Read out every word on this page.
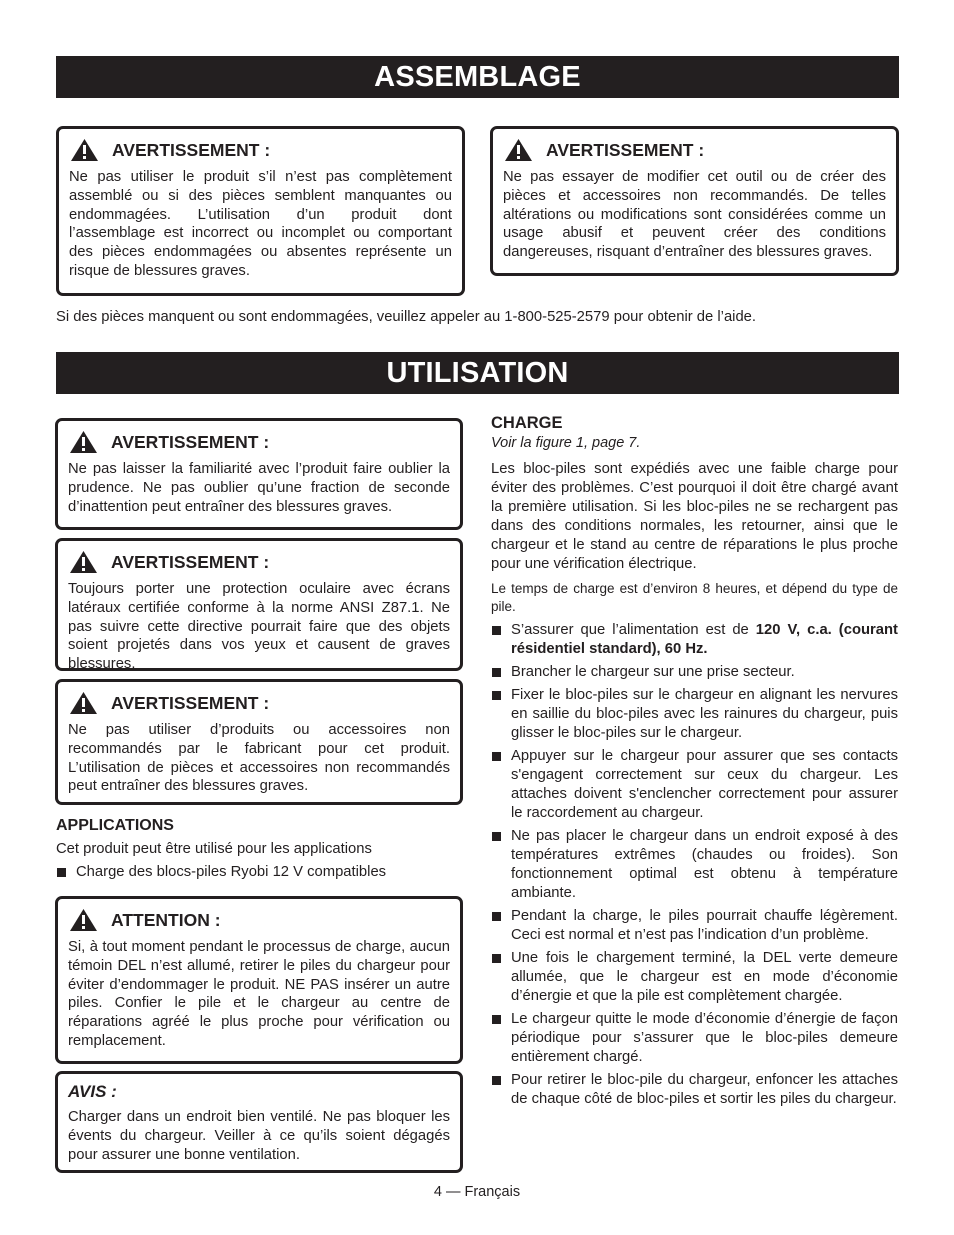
ASSEMBLAGE
AVERTISSEMENT :

Ne pas utiliser le produit s’il n’est pas complètement assemblé ou si des pièces semblent manquantes ou endommagées. L’utilisation d’un produit dont l’assemblage est incorrect ou incomplet ou comportant des pièces endommagées ou absentes représente un risque de blessures graves.

AVERTISSEMENT :

Ne pas essayer de modifier cet outil ou de créer des pièces et accessoires non recommandés. De telles altérations ou modifications sont considérées comme un usage abusif et peuvent créer des conditions dangereuses, risquant d’entraîner des blessures graves.

Si des pièces manquent ou sont endommagées, veuillez appeler au 1-800-525-2579 pour obtenir de l’aide.
UTILISATION
AVERTISSEMENT :

Ne pas laisser la familiarité avec l’produit faire oublier la prudence. Ne pas oublier qu’une fraction de seconde d’inattention peut entraîner des blessures graves.

AVERTISSEMENT :

Toujours porter une protection oculaire avec écrans latéraux certifiée conforme à la norme ANSI Z87.1. Ne pas suivre cette directive pourrait faire que des objets soient projetés dans vos yeux et causent de graves blessures.

AVERTISSEMENT :

Ne pas utiliser d’produits ou accessoires non recommandés par le fabricant pour cet produit. L’utilisation de pièces et accessoires non recommandés peut entraîner des blessures graves.

APPLICATIONS
Cet produit peut être utilisé pour les applications
Charge des blocs-piles Ryobi 12 V compatibles
ATTENTION :

Si, à tout moment pendant le processus de charge, aucun témoin DEL n’est allumé, retirer le piles du chargeur pour éviter d’endommager le produit. NE PAS insérer un autre piles. Confier le pile et le chargeur au centre de réparations agréé le plus proche pour vérification ou remplacement.

AVIS :

Charger dans un endroit bien ventilé. Ne pas bloquer les évents du chargeur. Veiller à ce qu’ils soient dégagés pour assurer une bonne ventilation.

CHARGE
Voir la figure 1, page 7.

Les bloc-piles sont expédiés avec une faible charge pour éviter des problèmes. C’est pourquoi il doit être chargé avant la première utilisation. Si les bloc-piles ne se rechargent pas dans des conditions normales, les retourner, ainsi que le chargeur et le stand au centre de réparations le plus proche pour une vérification électrique.

Le temps de charge est d’environ 8 heures, et dépend du type de pile.

S’assurer que l’alimentation est de 120 V, c.a. (courant résidentiel standard), 60 Hz.
Brancher le chargeur sur une prise secteur.
Fixer le bloc-piles sur le chargeur en alignant les nervures en saillie du bloc-piles avec les rainures du chargeur, puis glisser le bloc-piles sur le chargeur.
Appuyer sur le chargeur pour assurer que ses contacts s'engagent correctement sur ceux du chargeur. Les attaches doivent s'enclencher correctement pour assurer le raccordement au chargeur.
Ne pas placer le chargeur dans un endroit exposé à des températures extrêmes (chaudes ou froides). Son fonctionnement optimal est obtenu à température ambiante.
Pendant la charge, le piles pourrait chauffe légèrement. Ceci est normal et n’est pas l’indication d’un problème.
Une fois le chargement terminé, la DEL verte demeure allumée, que le chargeur est en mode d’économie d’énergie et que la pile est complètement chargée.
Le chargeur quitte le mode d’économie d’énergie de façon périodique pour s’assurer que le bloc-piles demeure entièrement chargé.
Pour retirer le bloc-pile du chargeur, enfoncer les attaches de chaque côté de bloc-piles et sortir les piles du chargeur.
4 — Français
